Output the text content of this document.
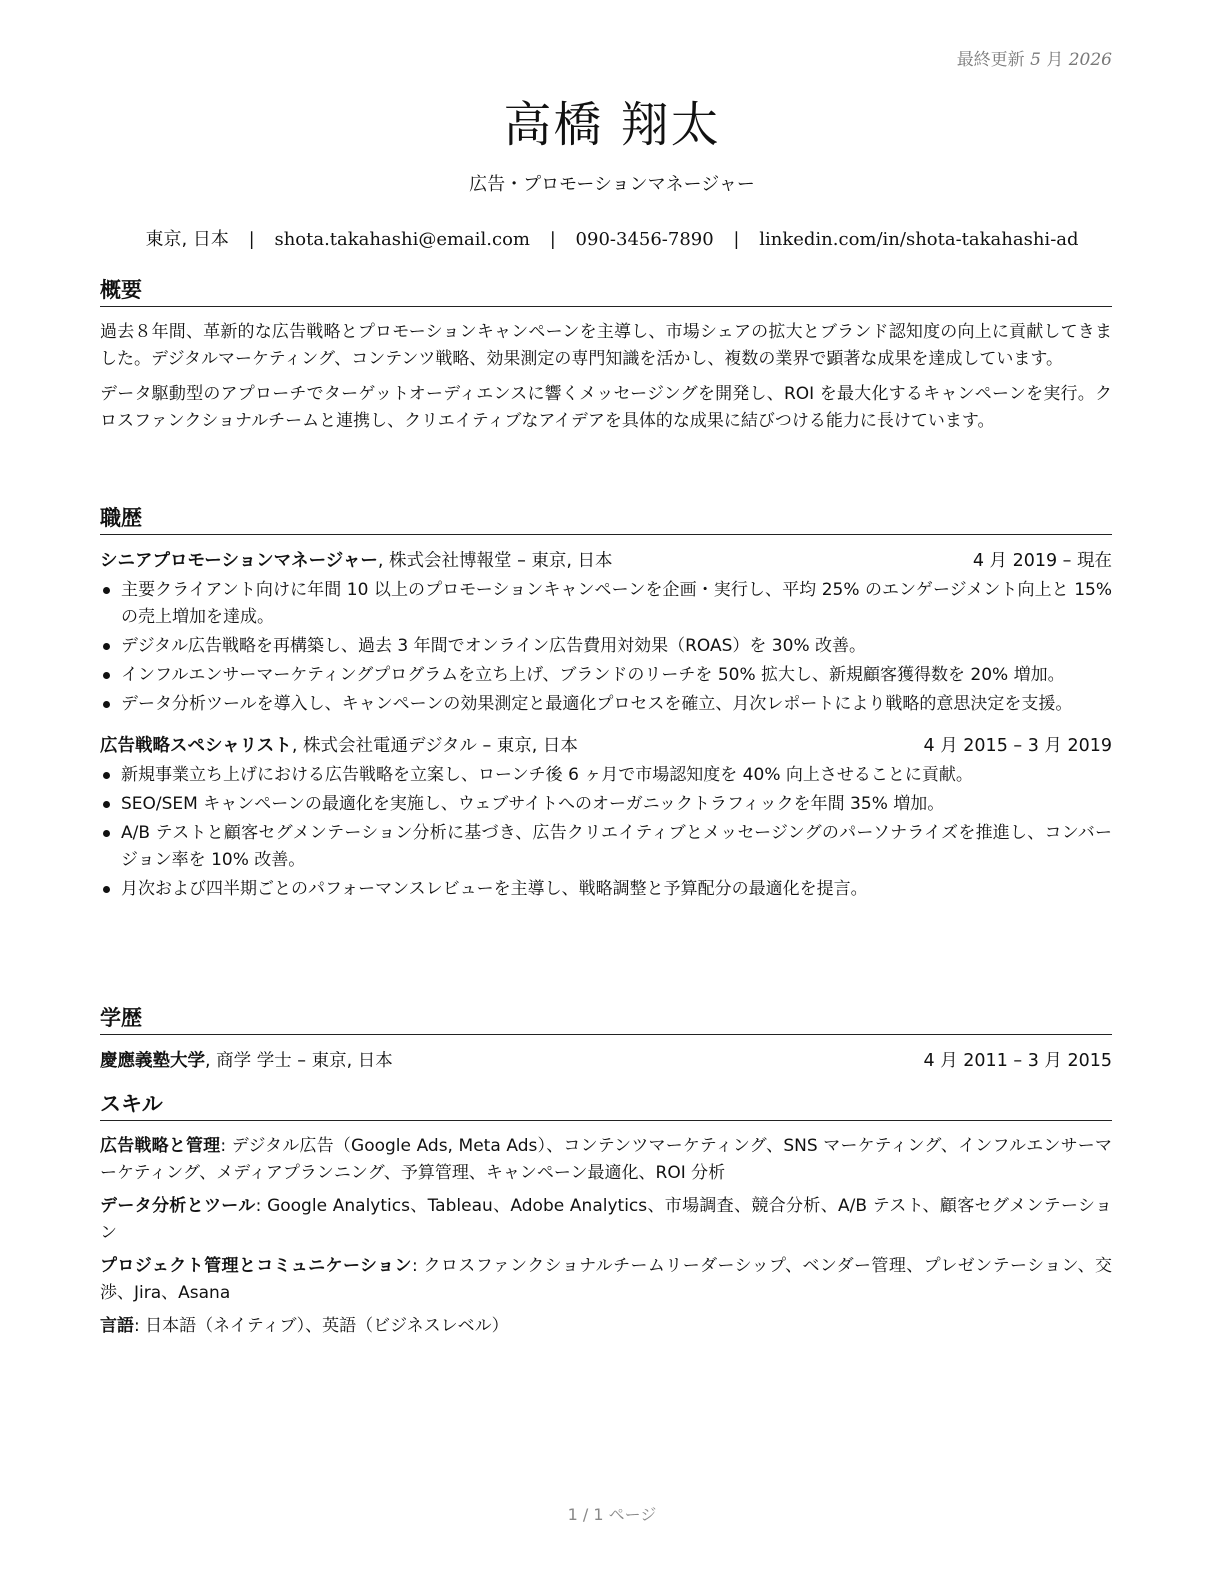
最終更新 5 月 2026
高橋 翔太
広告・プロモーションマネージャー
東京, 日本 | shota.takahashi@email.com | 090-3456-7890 | linkedin.com/in/shota-takahashi-ad
概要

過去８年間、革新的な広告戦略とプロモーションキャンペーンを主導し、市場シェアの拡大とブランド認知度の向上に貢献してきました。デジタルマーケティング、コンテンツ戦略、効果測定の専門知識を活かし、複数の業界で顕著な成果を達成しています。

データ駆動型のアプローチでターゲットオーディエンスに響くメッセージングを開発し、ROI を最大化するキャンペーンを実行。クロスファンクショナルチームと連携し、クリエイティブなアイデアを具体的な成果に結びつける能力に長けています。

職歴
シニアプロモーションマネージャー, 株式会社博報堂 – 東京, 日本	4 月 2019 – 現在
主要クライアント向けに年間 10 以上のプロモーションキャンペーンを企画・実行し、平均 25% のエンゲージメント向上と 15% の売上増加を達成。
デジタル広告戦略を再構築し、過去 3 年間でオンライン広告費用対効果（ROAS）を 30% 改善。
インフルエンサーマーケティングプログラムを立ち上げ、ブランドのリーチを 50% 拡大し、新規顧客獲得数を 20% 増加。
データ分析ツールを導入し、キャンペーンの効果測定と最適化プロセスを確立、月次レポートにより戦略的意思決定を支援。
広告戦略スペシャリスト, 株式会社電通デジタル – 東京, 日本	4 月 2015 – 3 月 2019
新規事業立ち上げにおける広告戦略を立案し、ローンチ後 6 ヶ月で市場認知度を 40% 向上させることに貢献。
SEO/SEM キャンペーンの最適化を実施し、ウェブサイトへのオーガニックトラフィックを年間 35% 増加。
A/B テストと顧客セグメンテーション分析に基づき、広告クリエイティブとメッセージングのパーソナライズを推進し、コンバージョン率を 10% 改善。
月次および四半期ごとのパフォーマンスレビューを主導し、戦略調整と予算配分の最適化を提言。
学歴
慶應義塾大学, 商学 学士 – 東京, 日本	4 月 2011 – 3 月 2015
スキル

広告戦略と管理: デジタル広告（Google Ads, Meta Ads）、コンテンツマーケティング、SNS マーケティング、インフルエンサーマーケティング、メディアプランニング、予算管理、キャンペーン最適化、ROI 分析

データ分析とツール: Google Analytics、Tableau、Adobe Analytics、市場調査、競合分析、A/B テスト、顧客セグメンテーション

プロジェクト管理とコミュニケーション: クロスファンクショナルチームリーダーシップ、ベンダー管理、プレゼンテーション、交渉、Jira、Asana

言語: 日本語（ネイティブ）、英語（ビジネスレベル）

1 / 1 ページ
